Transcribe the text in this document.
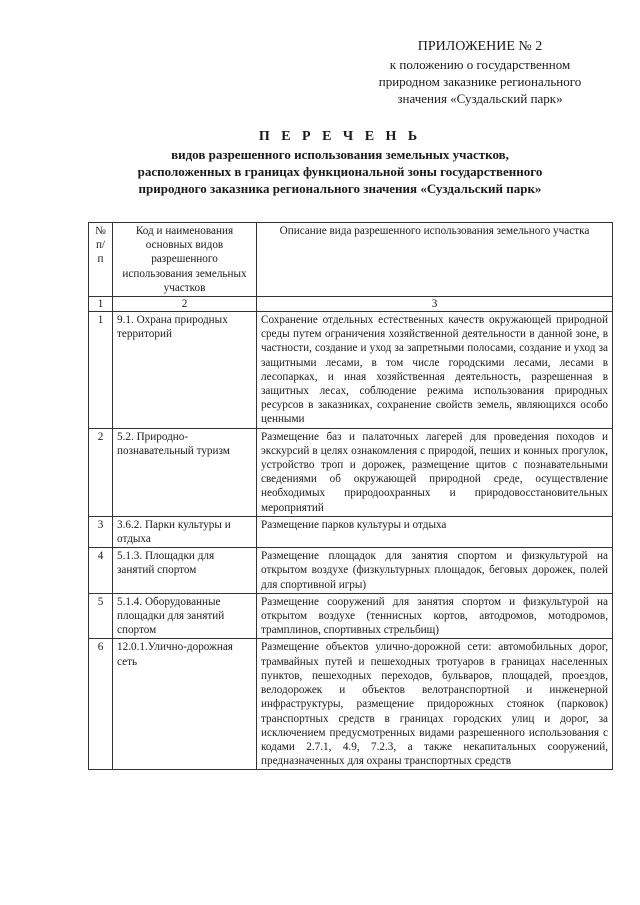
ПРИЛОЖЕНИЕ № 2
к положению о государственном
природном заказнике регионального
значения «Суздальский парк»
П Е Р Е Ч Е Н Ь
видов разрешенного использования земельных участков,
расположенных в границах функциональной зоны государственного
природного заказника регионального значения «Суздальский парк»
№ п/п	Код и наименования основных видов разрешенного использования земельных участков	Описание вида разрешенного использования земельного участка
1	2	3
1	9.1. Охрана природных территорий	Сохранение отдельных естественных качеств окружающей природной среды путем ограничения хозяйственной деятельности в данной зоне, в частности, создание и уход за запретными полосами, создание и уход за защитными лесами, в том числе городскими лесами, лесами в лесопарках, и иная хозяйственная деятельность, разрешенная в защитных лесах, соблюдение режима использования природных ресурсов в заказниках, сохранение свойств земель, являющихся особо ценными
2	5.2. Природно-познавательный туризм	Размещение баз и палаточных лагерей для проведения походов и экскурсий в целях ознакомления с природой, пеших и конных прогулок, устройство троп и дорожек, размещение щитов с познавательными сведениями об окружающей природной среде, осуществление необходимых природоохранных и природовосстановительных мероприятий
3	3.6.2. Парки культуры и отдыха	Размещение парков культуры и отдыха
4	5.1.3. Площадки для занятий спортом	Размещение площадок для занятия спортом и физкультурой на открытом воздухе (физкультурных площадок, беговых дорожек, полей для спортивной игры)
5	5.1.4. Оборудованные площадки для занятий спортом	Размещение сооружений для занятия спортом и физкультурой на открытом воздухе (теннисных кортов, автодромов, мотодромов, трамплинов, спортивных стрельбищ)
6	12.0.1.Улично-дорожная сеть	Размещение объектов улично-дорожной сети: автомобильных дорог, трамвайных путей и пешеходных тротуаров в границах населенных пунктов, пешеходных переходов, бульваров, площадей, проездов, велодорожек и объектов велотранспортной и инженерной инфраструктуры, размещение придорожных стоянок (парковок) транспортных средств в границах городских улиц и дорог, за исключением предусмотренных видами разрешенного использования с кодами 2.7.1, 4.9, 7.2.3, а также некапитальных сооружений, предназначенных для охраны транспортных средств
